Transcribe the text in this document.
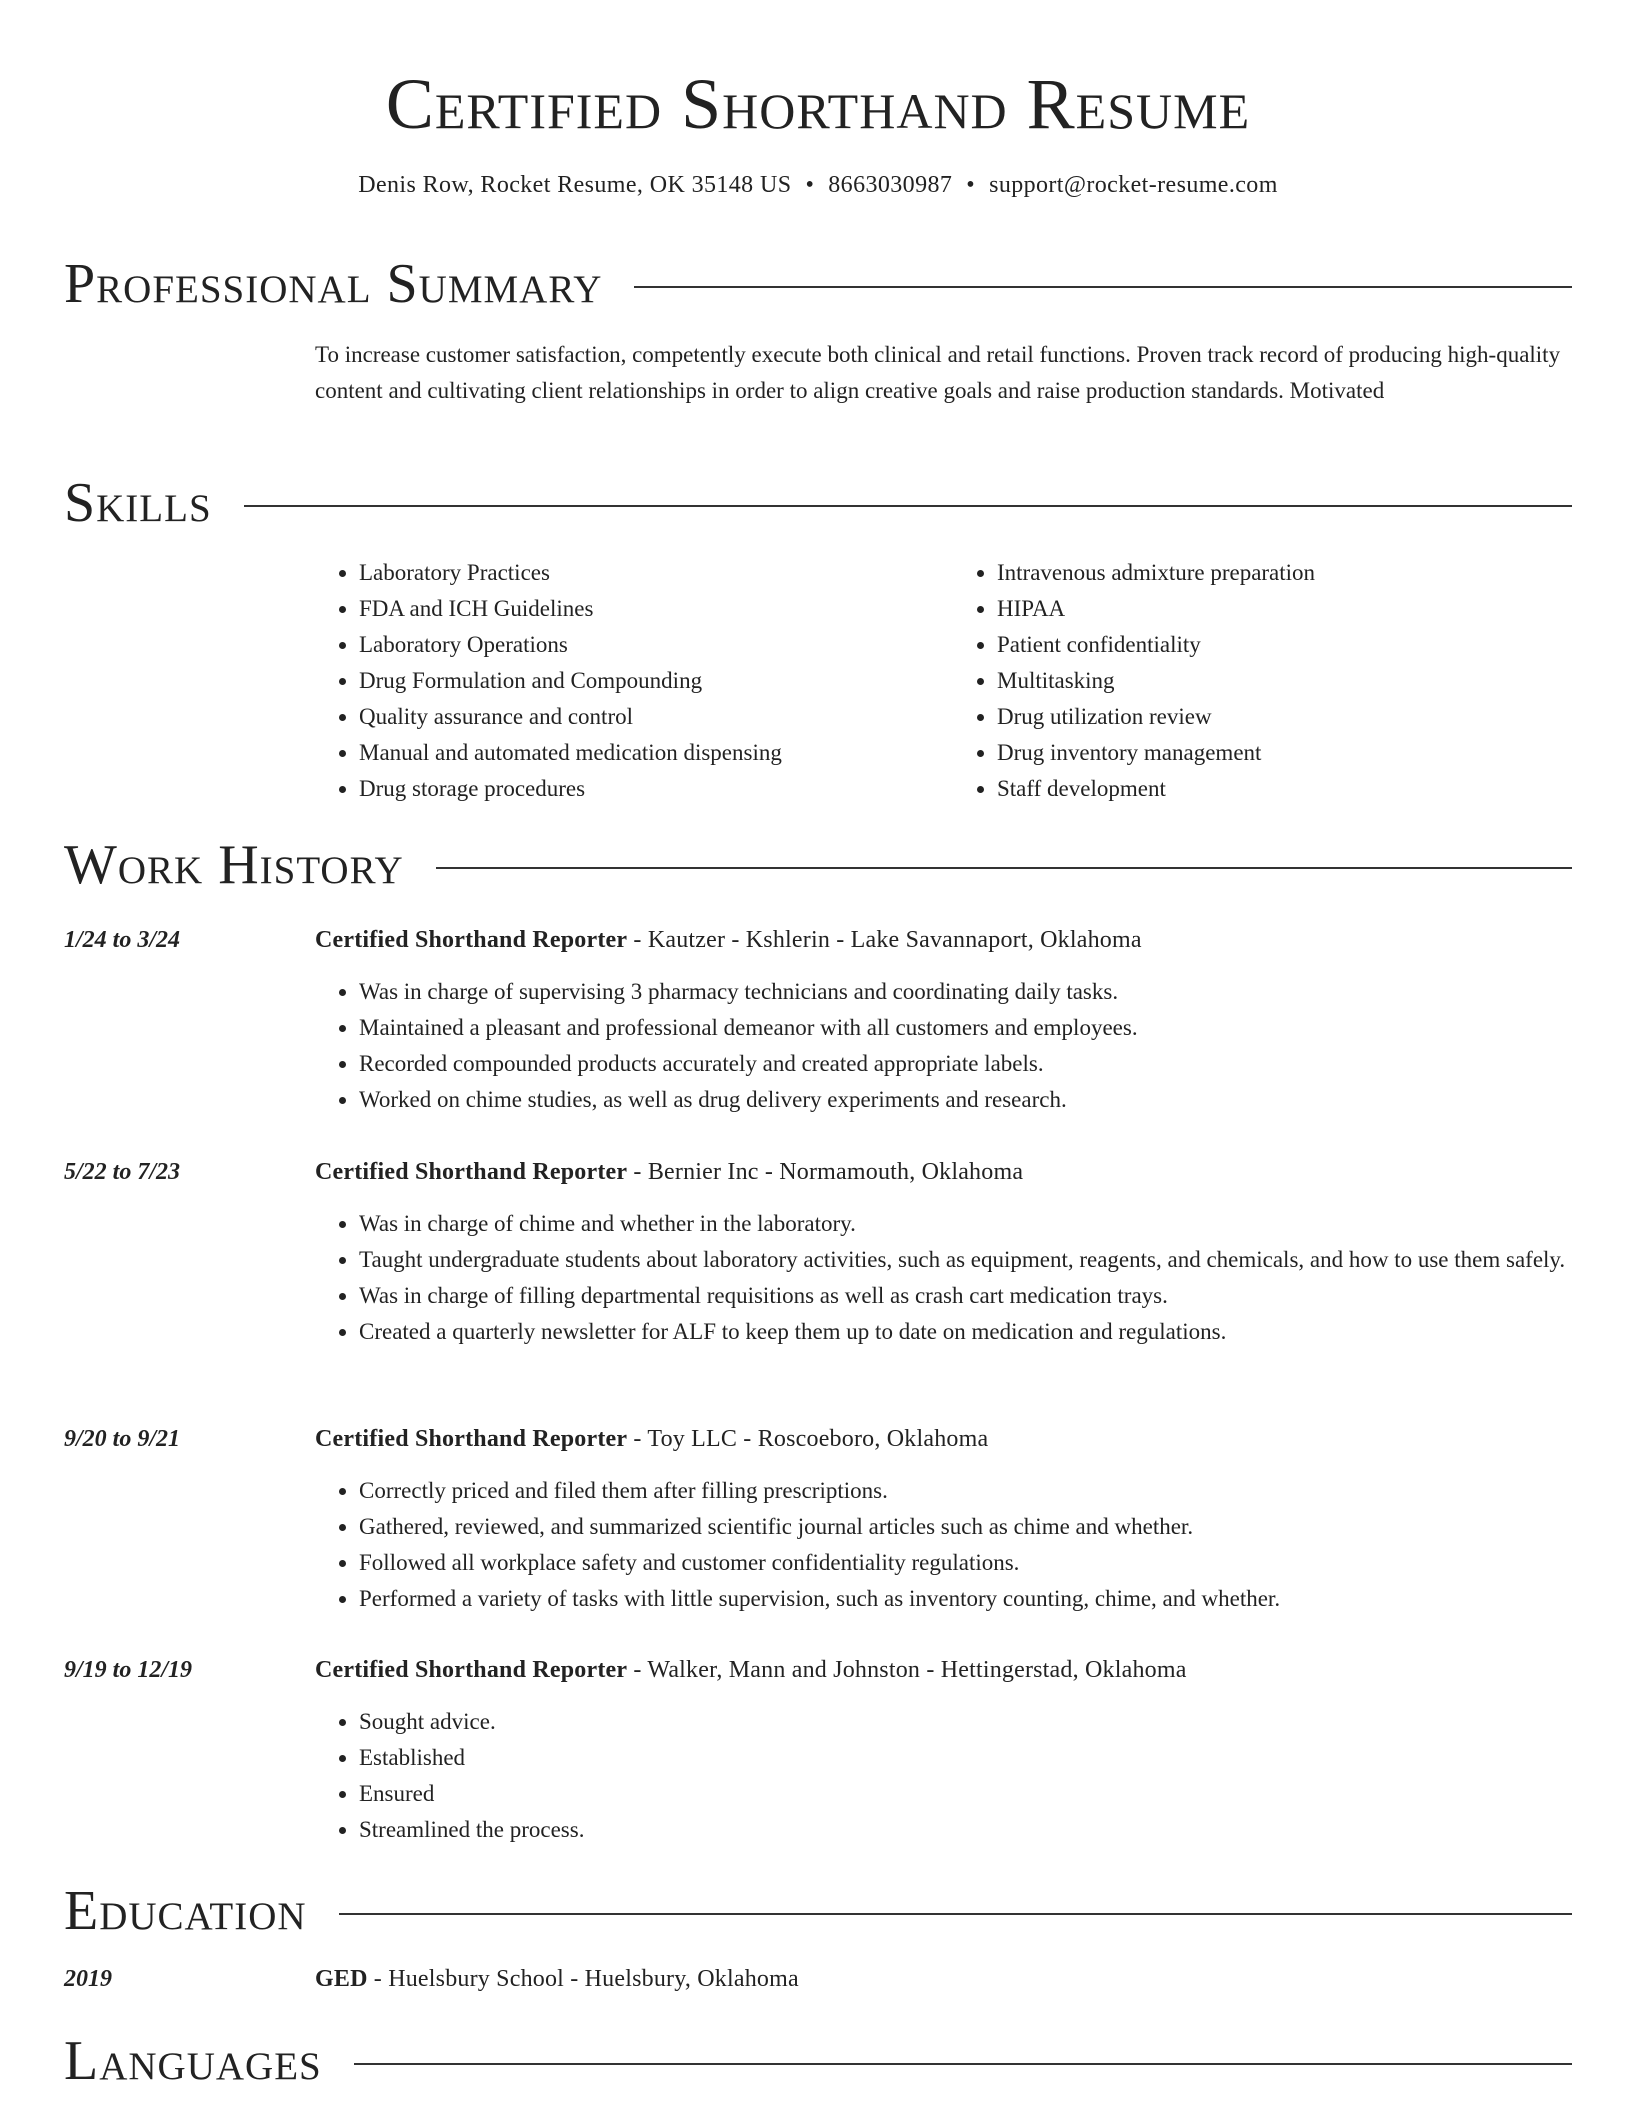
Certified Shorthand Resume
Denis Row, Rocket Resume, OK 35148 US • 8663030987 • support@rocket-resume.com
Professional Summary

To increase customer satisfaction, competently execute both clinical and retail functions. Proven track record of producing high-quality content and cultivating client relationships in order to align creative goals and raise production standards. Motivated

Skills
• Laboratory Practices
• FDA and ICH Guidelines
• Laboratory Operations
• Drug Formulation and Compounding
• Quality assurance and control
• Manual and automated medication dispensing
• Drug storage procedures
• Intravenous admixture preparation
• HIPAA
• Patient confidentiality
• Multitasking
• Drug utilization review
• Drug inventory management
• Staff development
Work History
1/24 to 3/24	Certified Shorthand Reporter - Kautzer - Kshlerin - Lake Savannaport, Oklahoma
• Was in charge of supervising 3 pharmacy technicians and coordinating daily tasks.
• Maintained a pleasant and professional demeanor with all customers and employees.
• Recorded compounded products accurately and created appropriate labels.
• Worked on chime studies, as well as drug delivery experiments and research.
5/22 to 7/23	Certified Shorthand Reporter - Bernier Inc - Normamouth, Oklahoma
• Was in charge of chime and whether in the laboratory.
• Taught undergraduate students about laboratory activities, such as equipment, reagents, and chemicals, and how to use them safely.
• Was in charge of filling departmental requisitions as well as crash cart medication trays.
• Created a quarterly newsletter for ALF to keep them up to date on medication and regulations.
9/20 to 9/21	Certified Shorthand Reporter - Toy LLC - Roscoeboro, Oklahoma
• Correctly priced and filed them after filling prescriptions.
• Gathered, reviewed, and summarized scientific journal articles such as chime and whether.
• Followed all workplace safety and customer confidentiality regulations.
• Performed a variety of tasks with little supervision, such as inventory counting, chime, and whether.
9/19 to 12/19	Certified Shorthand Reporter - Walker, Mann and Johnston - Hettingerstad, Oklahoma
• Sought advice.
• Established
• Ensured
• Streamlined the process.
Education
2019	GED - Huelsbury School - Huelsbury, Oklahoma
Languages
